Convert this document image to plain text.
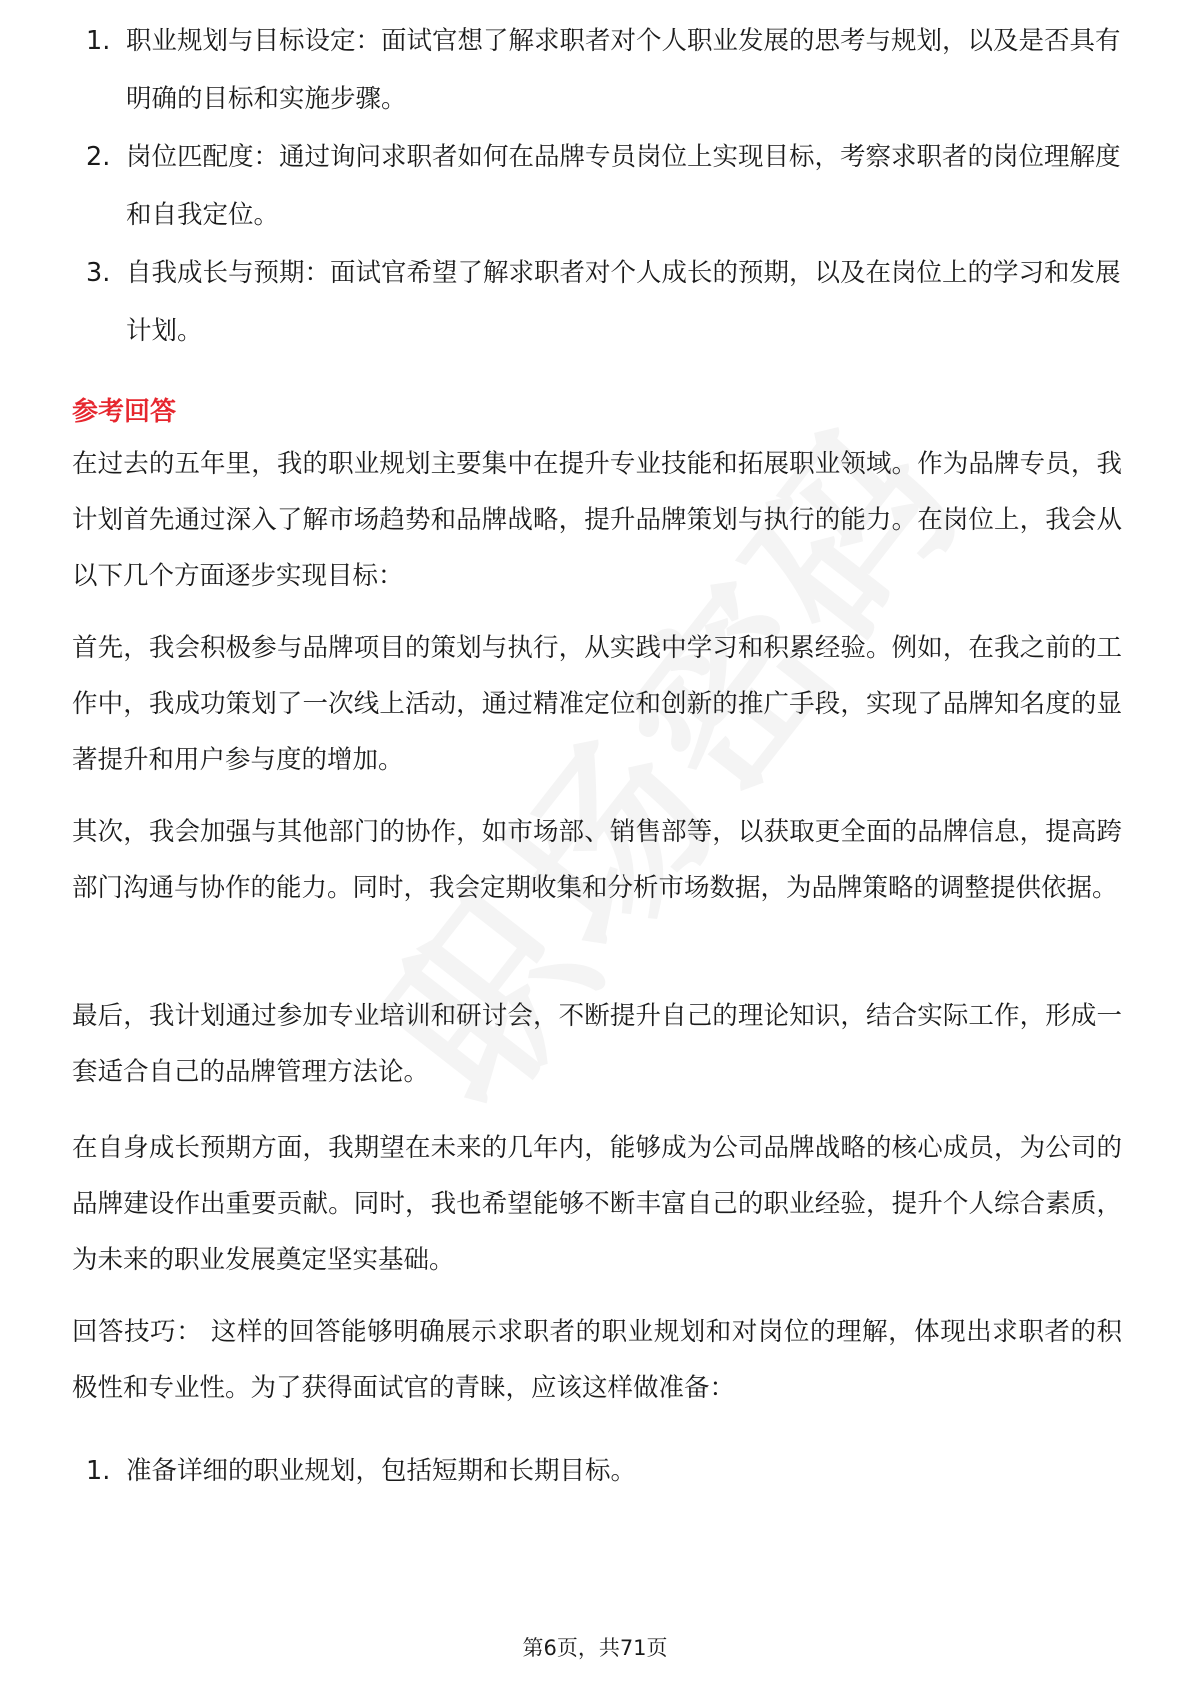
1. 职业规划与目标设定：面试官想了解求职者对个人职业发展的思考与规划，以及是否具有明确的目标和实施步骤。
2. 岗位匹配度：通过询问求职者如何在品牌专员岗位上实现目标，考察求职者的岗位理解度和自我定位。
3. 自我成长与预期：面试官希望了解求职者对个人成长的预期，以及在岗位上的学习和发展计划。
参考回答

在过去的五年里，我的职业规划主要集中在提升专业技能和拓展职业领域。作为品牌专员，我计划首先通过深入了解市场趋势和品牌战略，提升品牌策划与执行的能力。在岗位上，我会从以下几个方面逐步实现目标：

首先，我会积极参与品牌项目的策划与执行，从实践中学习和积累经验。例如，在我之前的工作中，我成功策划了一次线上活动，通过精准定位和创新的推广手段，实现了品牌知名度的显著提升和用户参与度的增加。

其次，我会加强与其他部门的协作，如市场部、销售部等，以获取更全面的品牌信息，提高跨部门沟通与协作的能力。同时，我会定期收集和分析市场数据，为品牌策略的调整提供依据。

最后，我计划通过参加专业培训和研讨会，不断提升自己的理论知识，结合实际工作，形成一套适合自己的品牌管理方法论。

在自身成长预期方面，我期望在未来的几年内，能够成为公司品牌战略的核心成员，为公司的品牌建设作出重要贡献。同时，我也希望能够不断丰富自己的职业经验，提升个人综合素质，为未来的职业发展奠定坚实基础。

回答技巧： 这样的回答能够明确展示求职者的职业规划和对岗位的理解，体现出求职者的积极性和专业性。为了获得面试官的青睐，应该这样做准备：

1. 准备详细的职业规划，包括短期和长期目标。
第6页，共71页
